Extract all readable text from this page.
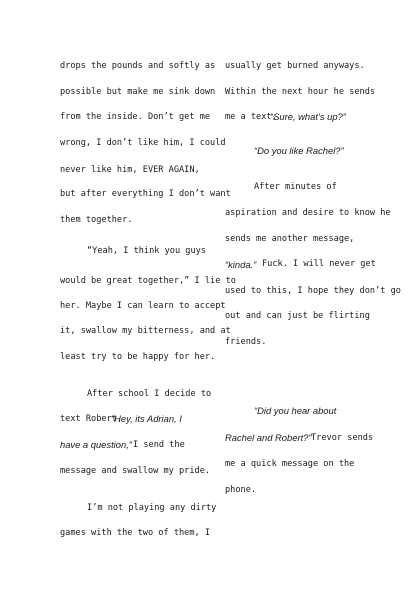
drops the pounds and softly as
possible but make me sink down
from the inside. Don’t get me
wrong, I don’t like him, I could
never like him, EVER AGAIN,
but after everything I don’t want
them together.
“Yeah, I think you guys
would be great together,” I lie to
her. Maybe I can learn to accept
it, swallow my bitterness, and at
least try to be happy for her.
After school I decide to
text Robert,
“Hey, its Adrian, I
have a question,” I send the
message and swallow my pride.
I’m not playing any dirty
games with the two of them, I
usually get burned anyways.
Within the next hour he sends
me a text,
“Sure, what’s up?”
“Do you like Rachel?”
After minutes of
aspiration and desire to know he
sends me another message,
“kinda.” Fuck. I will never get
used to this, I hope they don’t go
out and can just be flirting
friends.
“Did you hear about
Rachel and Robert?” Trevor sends
me a quick message on the
phone.
